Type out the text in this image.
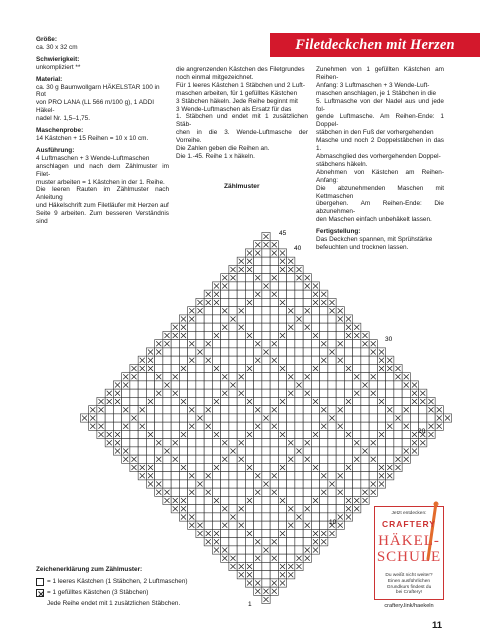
Größe:

ca. 30 x 32 cm

Schwierigkeit:

unkompliziert **

Material:

ca. 30 g Baumwollgarn HÄKELSTAR 100 in Rot

von PRO LANA (LL 566 m/100 g), 1 ADDI Häkel-

nadel Nr. 1,5–1,75.

Maschenprobe:

14 Kästchen + 15 Reihen = 10 x 10 cm.

Ausführung:

4 Luftmaschen + 3 Wende-Luftmaschen

anschlagen und nach dem Zählmuster im Filet-

muster arbeiten = 1 Kästchen in der 1. Reihe.

Die leeren Rauten im Zählmuster nach Anleitung

und Häkelschrift zum Filetläufer mit Herzen auf

Seite 9 arbeiten. Zum besseren Verständnis sind

Filetdeckchen mit Herzen

die angrenzenden Kästchen des Filetgrundes

noch einmal mitgezeichnet.

Für 1 leeres Kästchen 1 Stäbchen und 2 Luft-

maschen arbeiten, für 1 gefülltes Kästchen

3 Stäbchen häkeln. Jede Reihe beginnt mit

3 Wende-Luftmaschen als Ersatz für das

1. Stäbchen und endet mit 1 zusätzlichen Stäb-

chen in die 3. Wende-Luftmasche der Vorreihe.

Die Zahlen geben die Reihen an.

Die 1.-45. Reihe 1 x häkeln.

Zunehmen von 1 gefüllten Kästchen am Reihen-

Anfang: 3 Luftmaschen + 3 Wende-Luft-

maschen anschlagen, je 1 Stäbchen in die

5. Luftmasche von der Nadel aus und jede fol-

gende Luftmasche. Am Reihen-Ende: 1 Doppel-

stäbchen in den Fuß der vorhergehenden

Masche und noch 2 Doppelstäbchen in das 1.

Abmaschglied des vorhergehenden Doppel-

stäbchens häkeln.

Abnehmen von Kästchen am Reihen-Anfang:

Die abzunehmenden Maschen mit Kettmaschen

übergehen. Am Reihen-Ende: Die abzunehmen-

den Maschen einfach unbehäkelt lassen.

Fertigstellung:

Das Deckchen spannen, mit Sprühstärke

befeuchten und trocknen lassen.

Zählmuster
45
40
30
20
10
1
Zeichenerklärung zum Zählmuster:
= 1 leeres Kästchen (1 Stäbchen, 2 Luftmaschen)
= 1 gefülltes Kästchen (3 Stäbchen)
Jede Reihe endet mit 1 zusätzlichen Stäbchen.
Jetzt entdecken:
CRAFTERY
HÄKEL-
SCHULE
Du weißt nicht weiter?
Einen ausführlichen
Grundkurs findest du
bei Craftery!
craftery.link/haekeln
11
